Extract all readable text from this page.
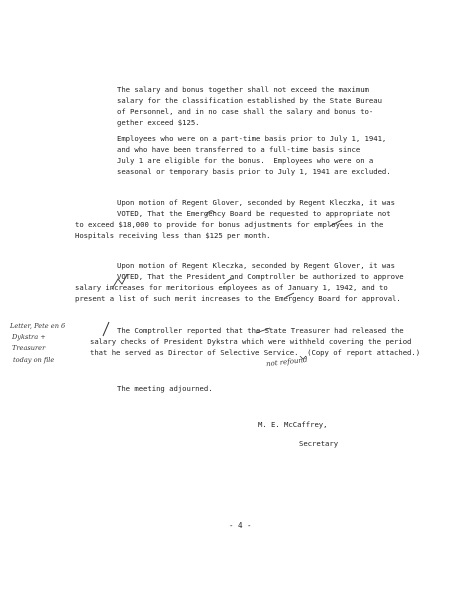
The salary and bonus together shall not exceed the maximum
salary for the classification established by the State Bureau
of Personnel, and in no case shall the salary and bonus to-
gether exceed $125.
Employees who were on a part-time basis prior to July 1, 1941,
and who have been transferred to a full-time basis since
July 1 are eligible for the bonus.  Employees who were on a
seasonal or temporary basis prior to July 1, 1941 are excluded.
Upon motion of Regent Glover, seconded by Regent Kleczka, it was
VOTED, That the Emergency Board be requested to appropriate not
to exceed $18,000 to provide for bonus adjustments for employees in the
Hospitals receiving less than $125 per month.
Upon motion of Regent Kleczka, seconded by Regent Glover, it was
VOTED, That the President and Comptroller be authorized to approve
salary increases for meritorious employees as of January 1, 1942, and to
present a list of such merit increases to the Emergency Board for approval.
The Comptroller reported that the State Treasurer had released the
salary checks of President Dykstra which were withheld covering the period
that he served as Director of Selective Service.  (Copy of report attached.)
The meeting adjourned.
M. E. McCaffrey,
Secretary
- 4 -
Letter, Pete en 6
Dykstra +
Treasurer
today on file	not refound
